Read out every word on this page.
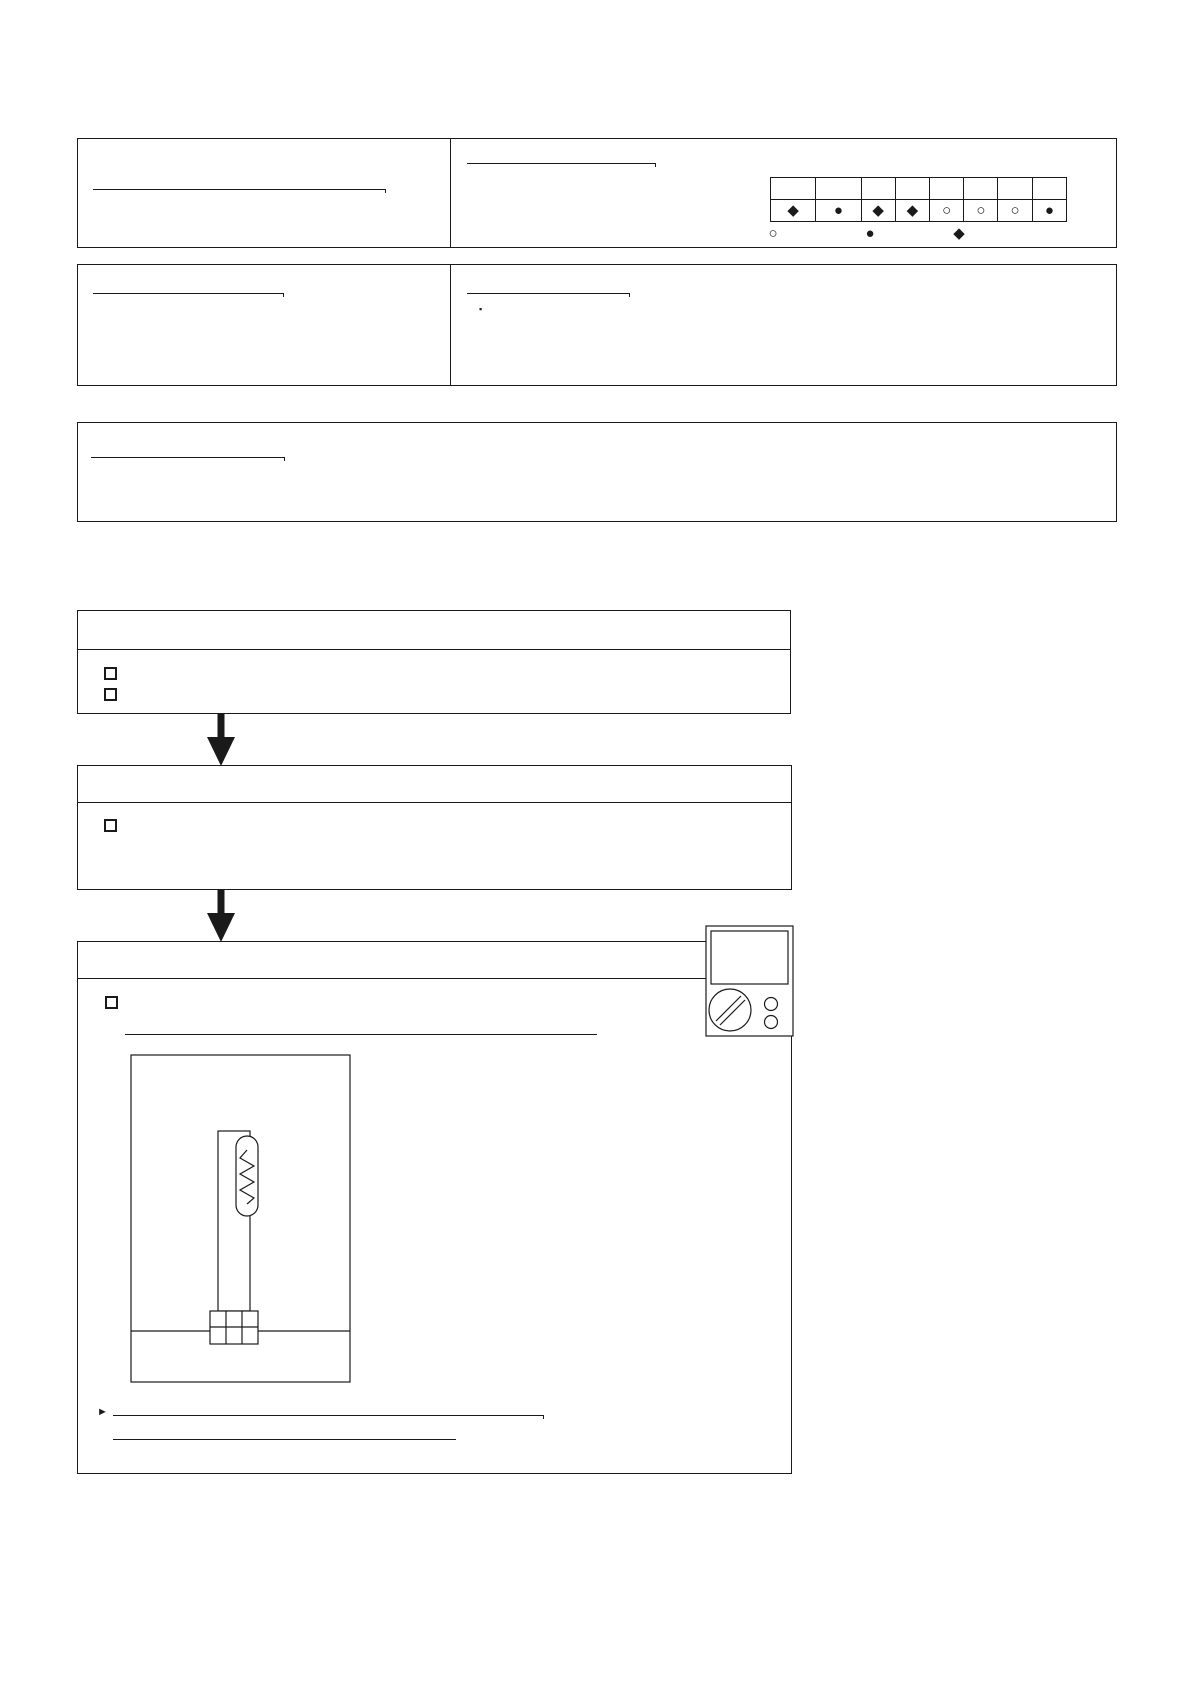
◆	●	◆	◆	○	○	○	●
○	●	◆
▪
►
